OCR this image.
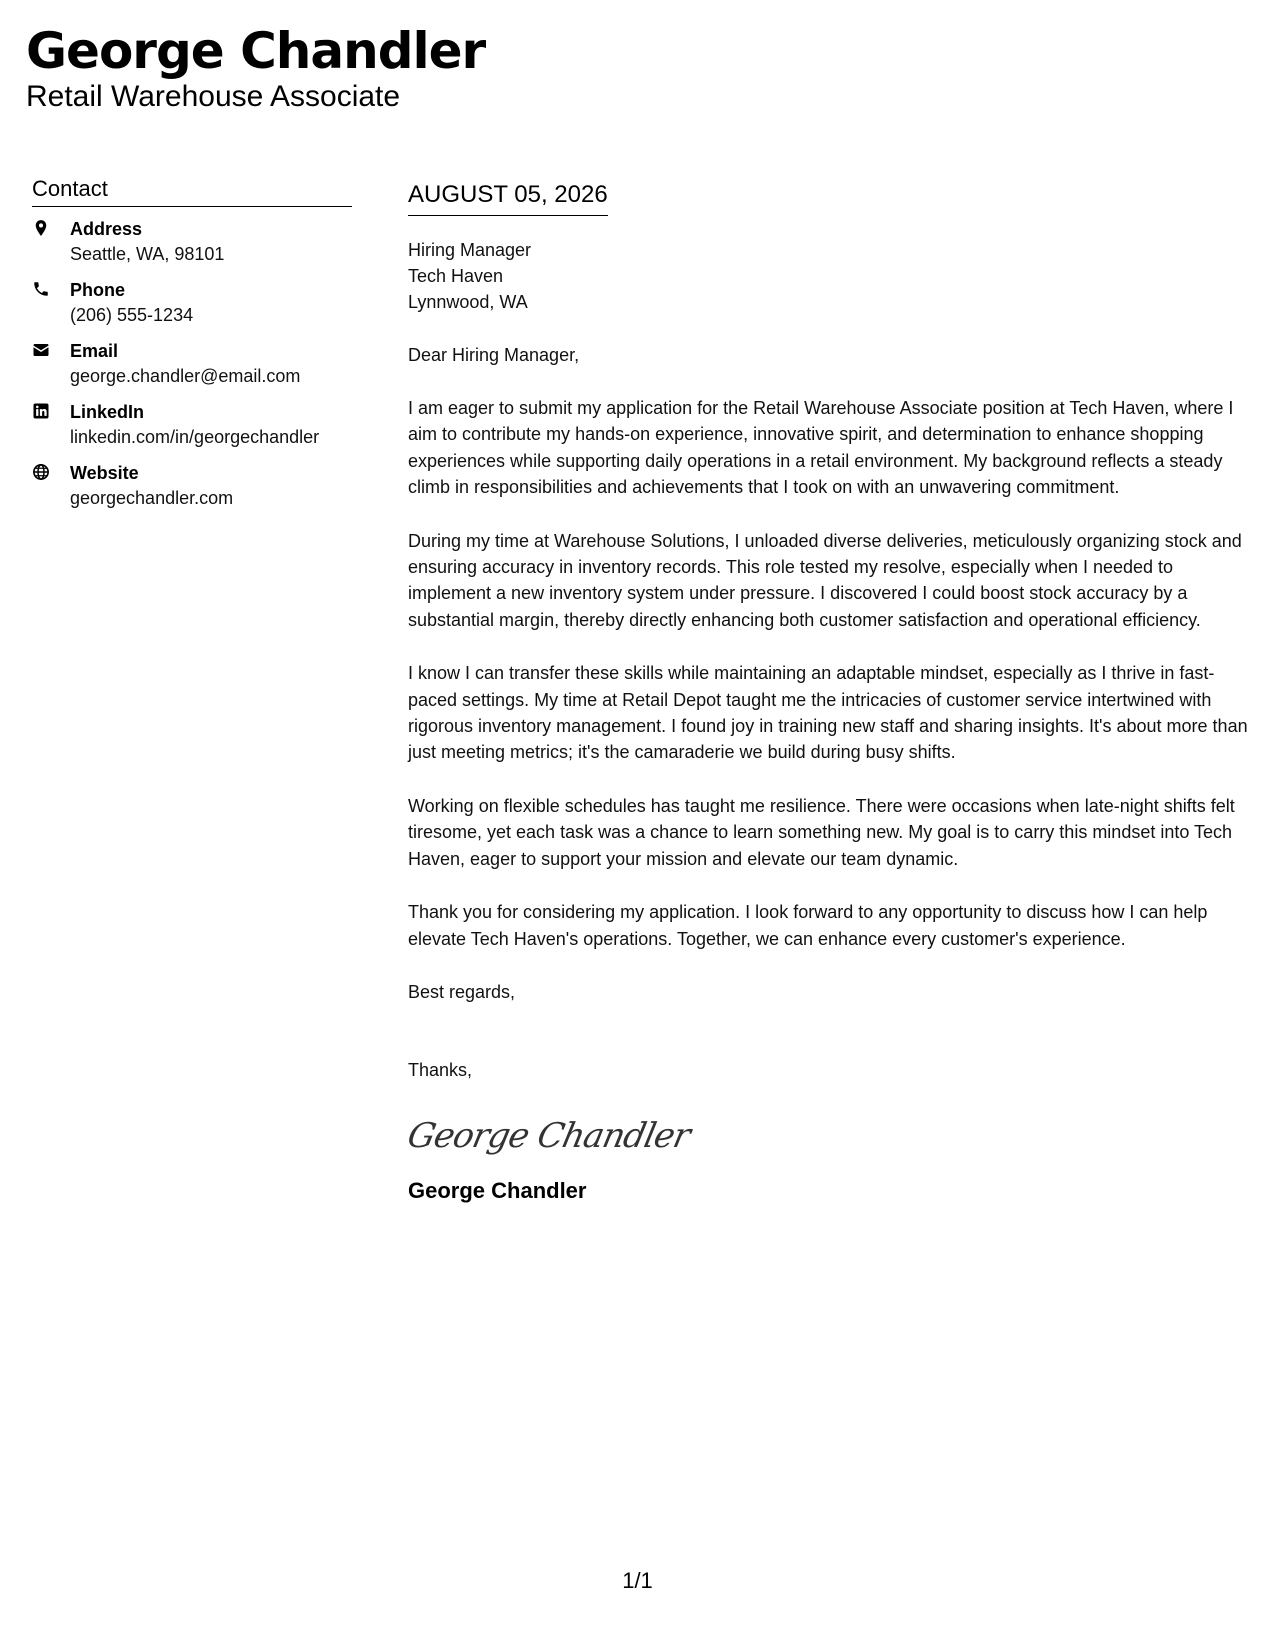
George Chandler
Retail Warehouse Associate
Contact
Address
Seattle, WA, 98101
Phone
(206) 555-1234
Email
george.chandler@email.com
LinkedIn
linkedin.com/in/georgechandler
Website
georgechandler.com
AUGUST 05, 2026
Hiring Manager
Tech Haven
Lynnwood, WA
Dear Hiring Manager,
I am eager to submit my application for the Retail Warehouse Associate position at Tech Haven, where I aim to contribute my hands-on experience, innovative spirit, and determination to enhance shopping experiences while supporting daily operations in a retail environment. My background reflects a steady climb in responsibilities and achievements that I took on with an unwavering commitment.
During my time at Warehouse Solutions, I unloaded diverse deliveries, meticulously organizing stock and ensuring accuracy in inventory records. This role tested my resolve, especially when I needed to implement a new inventory system under pressure. I discovered I could boost stock accuracy by a substantial margin, thereby directly enhancing both customer satisfaction and operational efficiency.
I know I can transfer these skills while maintaining an adaptable mindset, especially as I thrive in fast-paced settings. My time at Retail Depot taught me the intricacies of customer service intertwined with rigorous inventory management. I found joy in training new staff and sharing insights. It's about more than just meeting metrics; it's the camaraderie we build during busy shifts.
Working on flexible schedules has taught me resilience. There were occasions when late-night shifts felt tiresome, yet each task was a chance to learn something new. My goal is to carry this mindset into Tech Haven, eager to support your mission and elevate our team dynamic.
Thank you for considering my application. I look forward to any opportunity to discuss how I can help elevate Tech Haven's operations. Together, we can enhance every customer's experience.
Best regards,
Thanks,
George Chandler
George Chandler
1/1
